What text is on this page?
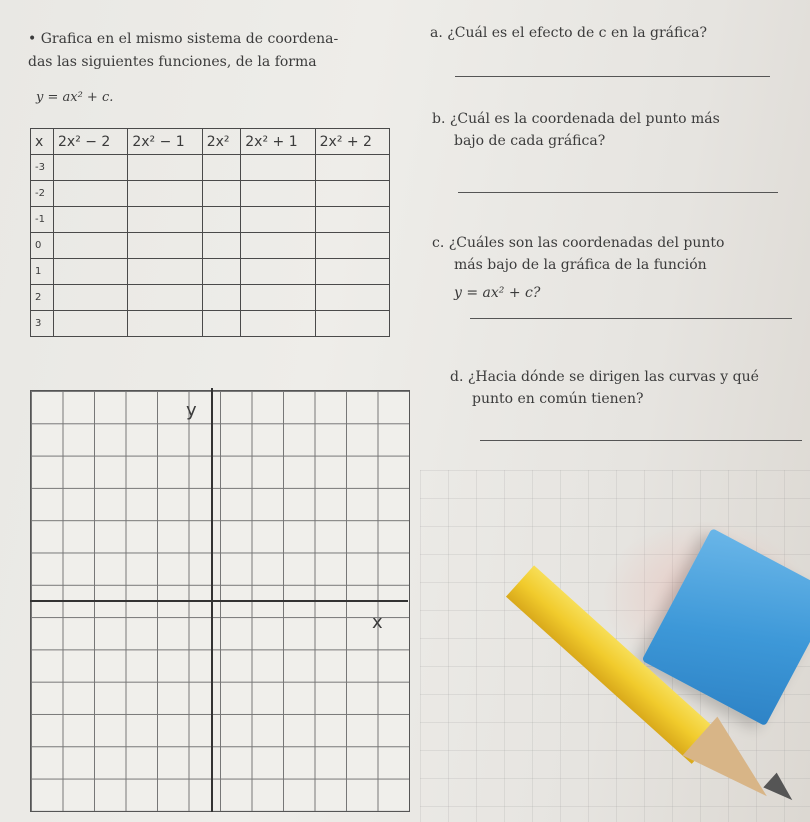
• Grafica en el mismo sistema de coordena-
das las siguientes funciones, de la forma
y = ax² + c.
x	2x² − 2	2x² − 1	2x²	2x² + 1	2x² + 2
-3					
-2					
-1					
0					
1					
2					
3					
a. ¿Cuál es el efecto de c en la gráfica?
b. ¿Cuál es la coordenada del punto más
bajo de cada gráfica?
c. ¿Cuáles son las coordenadas del punto
más bajo de la gráfica de la función
y = ax² + c?
d. ¿Hacia dónde se dirigen las curvas y qué
punto en común tienen?
y
x
